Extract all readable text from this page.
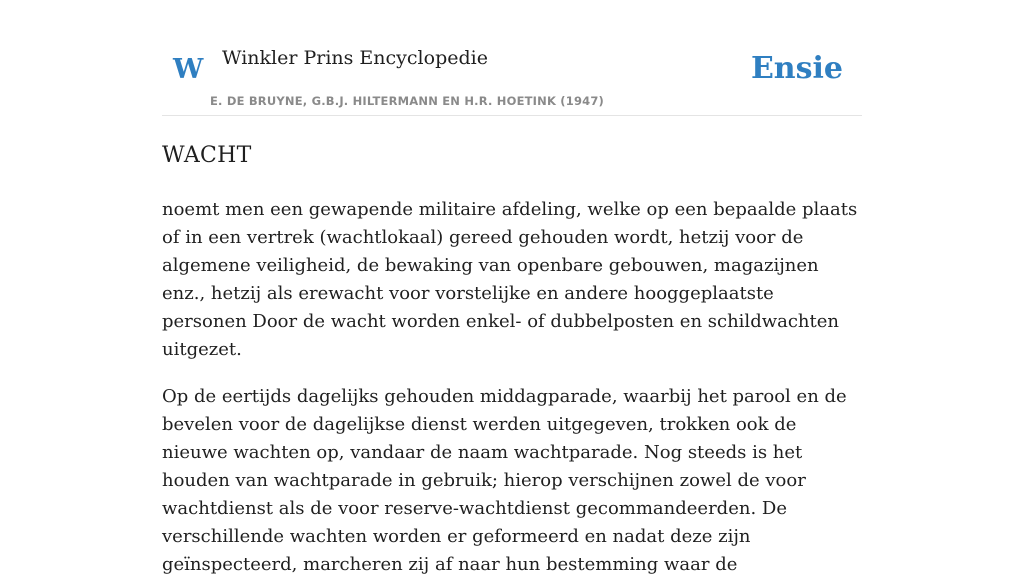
W Winkler Prins Encyclopedie
E. DE BRUYNE, G.B.J. HILTERMANN EN H.R. HOETINK (1947)
Ensie
WACHT

noemt men een gewapende militaire afdeling, welke op een bepaalde plaats of in een vertrek (wachtlokaal) gereed gehouden wordt, hetzij voor de algemene veiligheid, de bewaking van openbare gebouwen, magazijnen enz., hetzij als erewacht voor vorstelijke en andere hooggeplaatste personen Door de wacht worden enkel- of dubbelposten en schildwachten uitgezet.

Op de eertijds dagelijks gehouden middagparade, waarbij het parool en de bevelen voor de dagelijkse dienst werden uitgegeven, trokken ook de nieuwe wachten op, vandaar de naam wachtparade. Nog steeds is het houden van wachtparade in gebruik; hierop verschijnen zowel de voor wachtdienst als de voor reserve-wachtdienst gecommandeerden. De verschillende wachten worden er geformeerd en nadat deze zijn geïnspecteerd, marcheren zij af naar hun bestemming waar de
